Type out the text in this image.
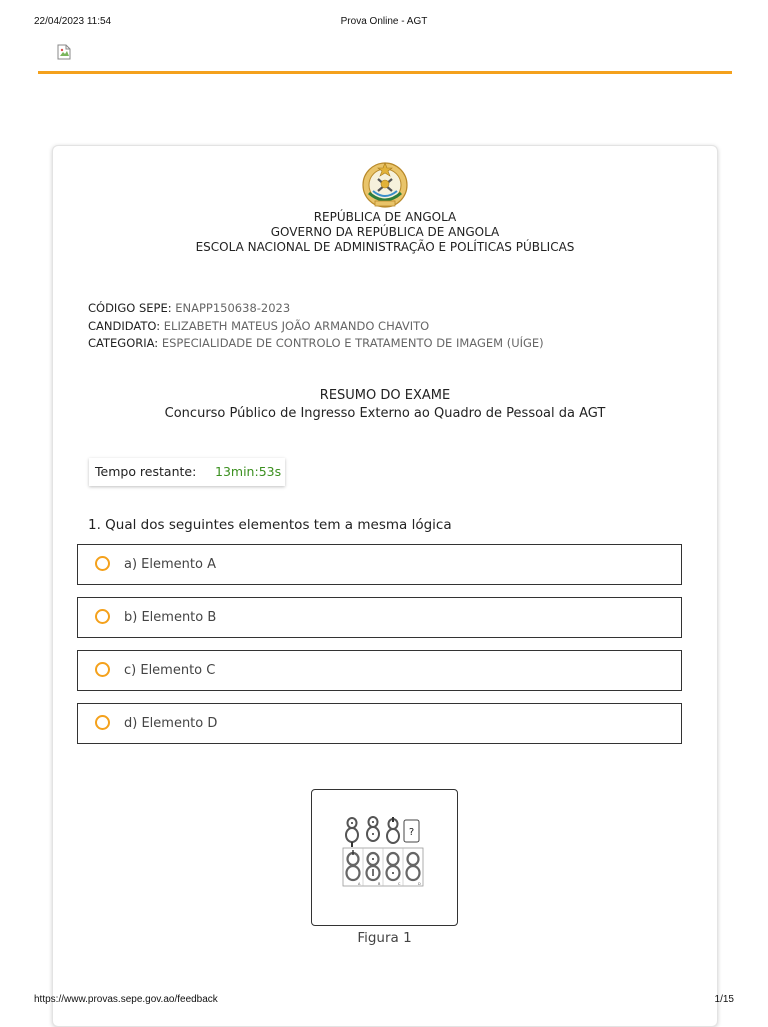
22/04/2023 11:54	Prova Online - AGT
REPÚBLICA DE ANGOLA
GOVERNO DA REPÚBLICA DE ANGOLA
ESCOLA NACIONAL DE ADMINISTRAÇÃO E POLÍTICAS PÚBLICAS
CÓDIGO SEPE: ENAPP150638-2023
CANDIDATO: ELIZABETH MATEUS JOÃO ARMANDO CHAVITO
CATEGORIA: ESPECIALIDADE DE CONTROLO E TRATAMENTO DE IMAGEM (UÍGE)
RESUMO DO EXAME
Concurso Público de Ingresso Externo ao Quadro de Pessoal da AGT
Tempo restante: 13min:53s
1. Qual dos seguintes elementos tem a mesma lógica
a) Elemento A
b) Elemento B
c) Elemento C
d) Elemento D
?
A	B	C	D
Figura 1
https://www.provas.sepe.gov.ao/feedback	1/15
